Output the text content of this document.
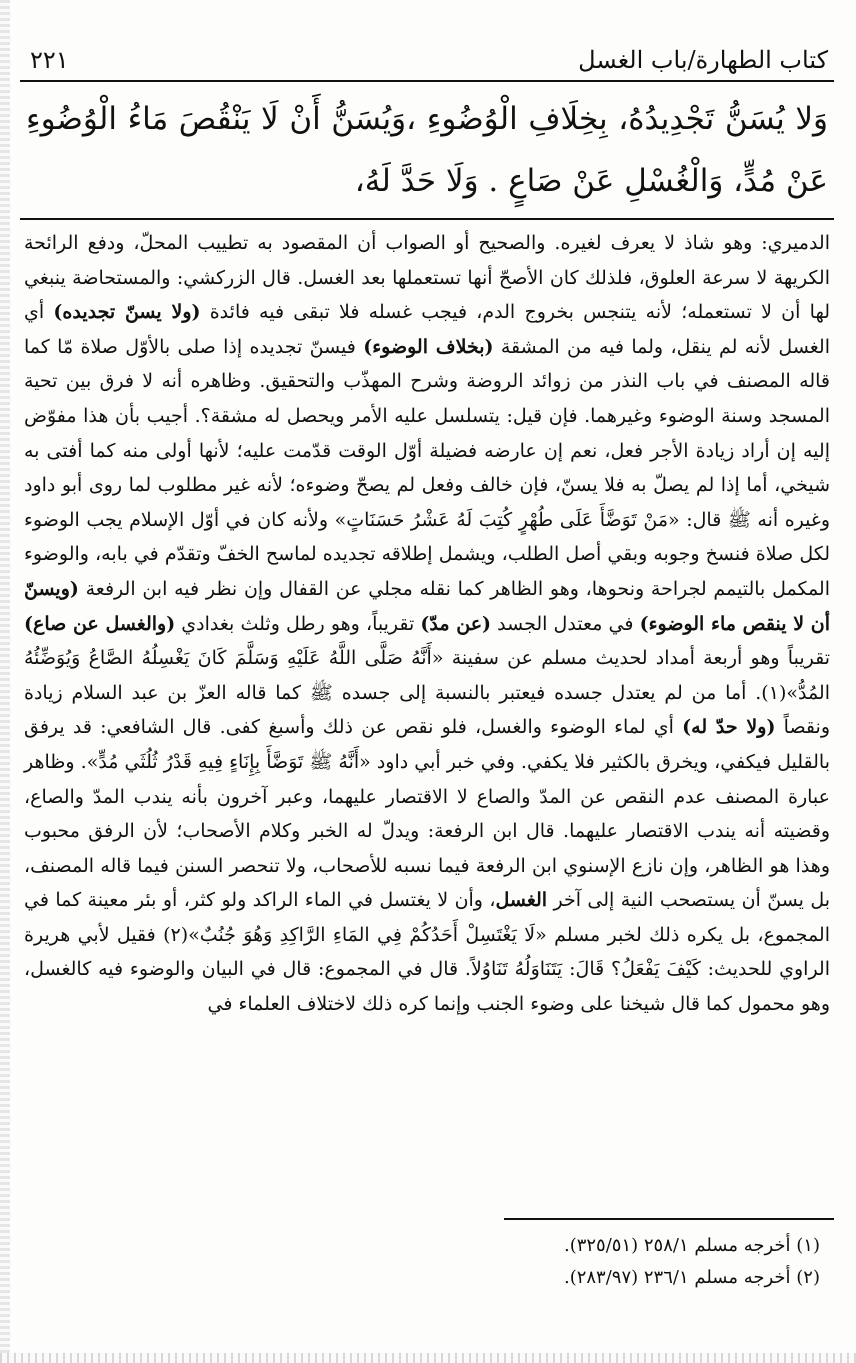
كتاب الطهارة/باب الغسل
٢٢١
وَلا يُسَنُّ تَجْدِيدُهُ، بِخِلَافِ الْوُضُوءِ ،وَيُسَنُّ أَنْ لَا يَنْقُصَ مَاءُ الْوُضُوءِ عَنْ مُدٍّ، وَالْغُسْلِ عَنْ صَاعٍ . وَلَا حَدَّ لَهُ،
الدميري: وهو شاذ لا يعرف لغيره. والصحيح أو الصواب أن المقصود به تطييب المحلّ، ودفع الرائحة الكريهة لا سرعة العلوق، فلذلك كان الأصحّ أنها تستعملها بعد الغسل. قال الزركشي: والمستحاضة ينبغي لها أن لا تستعمله؛ لأنه يتنجس بخروج الدم، فيجب غسله فلا تبقى فيه فائدة (ولا يسنّ تجديده) أي الغسل لأنه لم ينقل، ولما فيه من المشقة (بخلاف الوضوء) فيسنّ تجديده إذا صلى بالأوّل صلاة مّا كما قاله المصنف في باب النذر من زوائد الروضة وشرح المهذّب والتحقيق. وظاهره أنه لا فرق بين تحية المسجد وسنة الوضوء وغيرهما. فإن قيل: يتسلسل عليه الأمر ويحصل له مشقة؟. أجيب بأن هذا مفوّض إليه إن أراد زيادة الأجر فعل، نعم إن عارضه فضيلة أوّل الوقت قدّمت عليه؛ لأنها أولى منه كما أفتى به شيخي، أما إذا لم يصلّ به فلا يسنّ، فإن خالف وفعل لم يصحّ وضوءه؛ لأنه غير مطلوب لما روى أبو داود وغيره أنه ﷺ قال: «مَنْ تَوَضَّأَ عَلَى طُهْرٍ كُتِبَ لَهُ عَشْرُ حَسَنَاتٍ» ولأنه كان في أوّل الإسلام يجب الوضوء لكل صلاة فنسخ وجوبه وبقي أصل الطلب، ويشمل إطلاقه تجديده لماسح الخفّ وتقدّم في بابه، والوضوء المكمل بالتيمم لجراحة ونحوها، وهو الظاهر كما نقله مجلي عن القفال وإن نظر فيه ابن الرفعة (ويسنّ أن لا ينقص ماء الوضوء) في معتدل الجسد (عن مدّ) تقريباً، وهو رطل وثلث بغدادي (والغسل عن صاع) تقريباً وهو أربعة أمداد لحديث مسلم عن سفينة «أَنَّهُ صَلَّى اللَّهُ عَلَيْهِ وَسَلَّمَ كَانَ يَغْسِلُهُ الصَّاعُ وَيُوَضِّئُهُ المُدُّ»(١). أما من لم يعتدل جسده فيعتبر بالنسبة إلى جسده ﷺ كما قاله العزّ بن عبد السلام زيادة ونقصاً (ولا حدّ له) أي لماء الوضوء والغسل، فلو نقص عن ذلك وأسبغ كفى. قال الشافعي: قد يرفق بالقليل فيكفي، ويخرق بالكثير فلا يكفي. وفي خبر أبي داود «أَنَّهُ ﷺ تَوَضَّأَ بِإِنَاءٍ فِيهِ قَدْرُ ثُلُثَي مُدٍّ». وظاهر عبارة المصنف عدم النقص عن المدّ والصاع لا الاقتصار عليهما، وعبر آخرون بأنه يندب المدّ والصاع، وقضيته أنه يندب الاقتصار عليهما. قال ابن الرفعة: ويدلّ له الخبر وكلام الأصحاب؛ لأن الرفق محبوب وهذا هو الظاهر، وإن نازع الإسنوي ابن الرفعة فيما نسبه للأصحاب، ولا تنحصر السنن فيما قاله المصنف، بل يسنّ أن يستصحب النية إلى آخر الغسل، وأن لا يغتسل في الماء الراكد ولو كثر، أو بئر معينة كما في المجموع، بل يكره ذلك لخبر مسلم «لَا يَغْتَسِلْ أَحَدُكُمْ فِي المَاءِ الرَّاكِدِ وَهُوَ جُنُبٌ»(٢) فقيل لأبي هريرة الراوي للحديث: كَيْفَ يَفْعَلُ؟ قَالَ: يَتَنَاوَلُهُ تَنَاوُلاً. قال في المجموع: قال في البيان والوضوء فيه كالغسل، وهو محمول كما قال شيخنا على وضوء الجنب وإنما كره ذلك لاختلاف العلماء في
(١) أخرجه مسلم ٢٥٨/١ (٣٢٥/٥١).
(٢) أخرجه مسلم ٢٣٦/١ (٢٨٣/٩٧).
